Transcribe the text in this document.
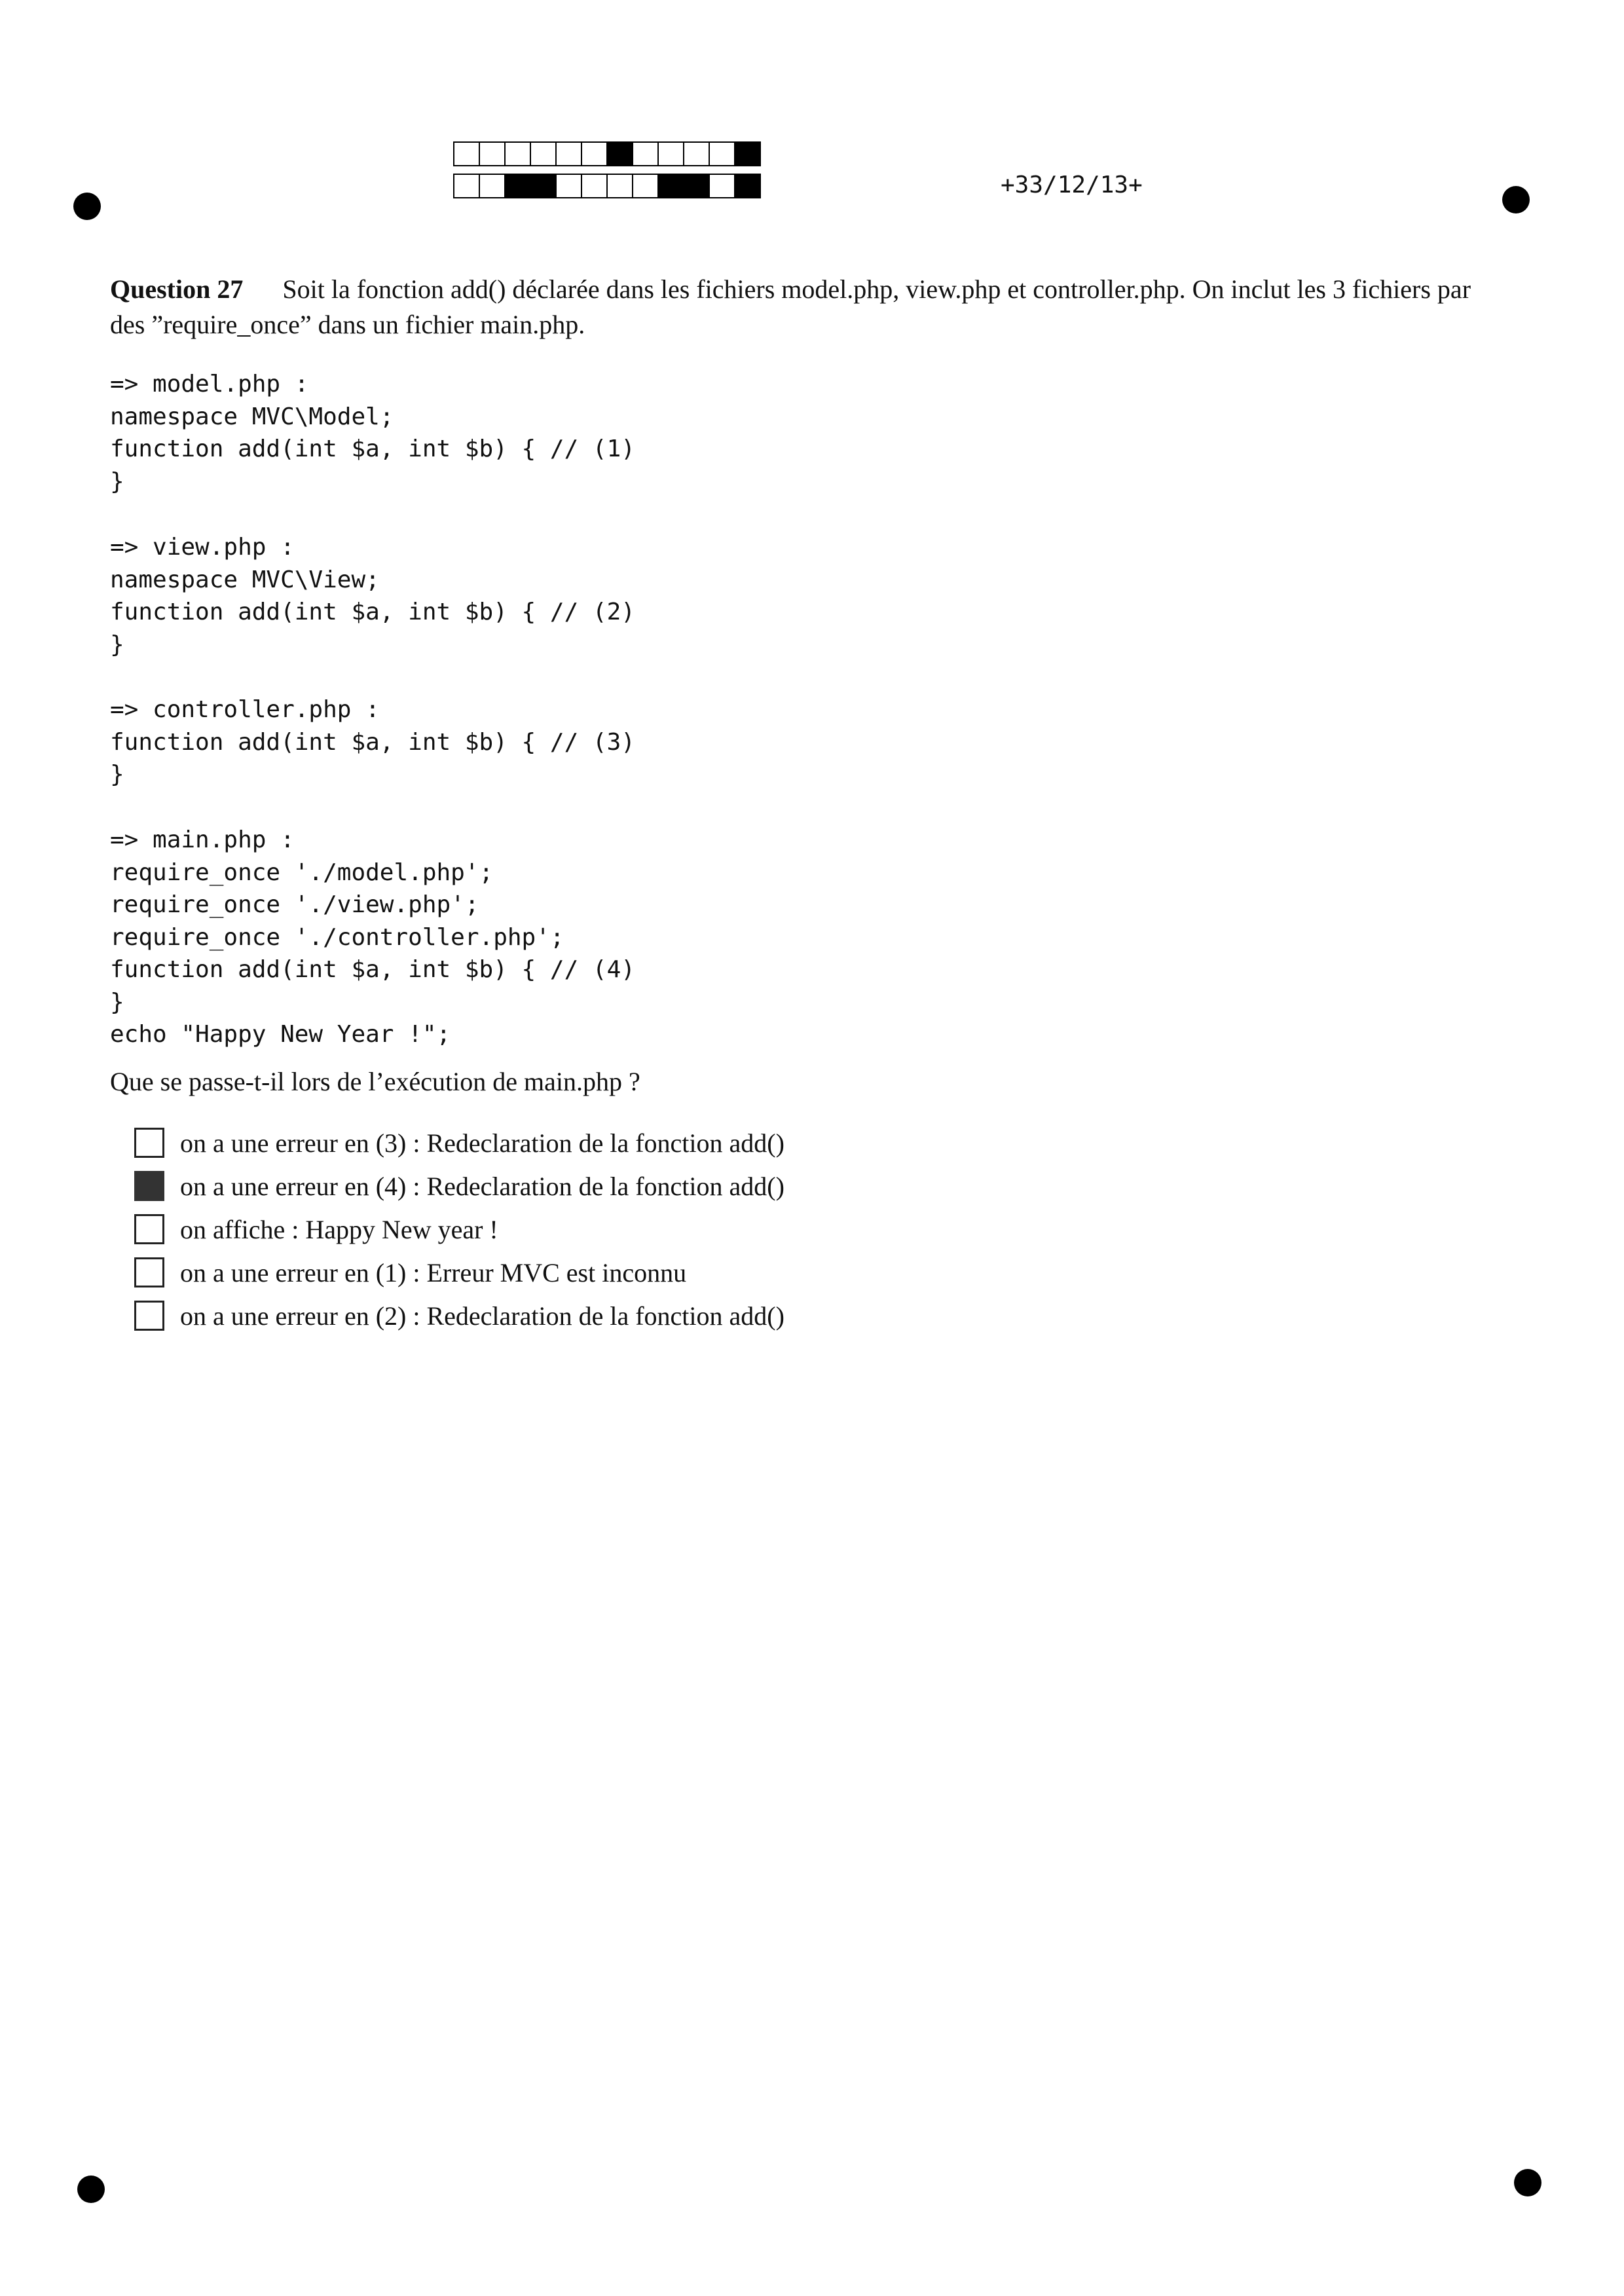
+33/12/13+
Question 27 Soit la fonction add() déclarée dans les fichiers model.php, view.php et controller.php. On inclut les 3 fichiers par des ”require_once” dans un fichier main.php.
=> model.php :
namespace MVC\Model;
function add(int $a, int $b) { // (1)
}
=> view.php :
namespace MVC\View;
function add(int $a, int $b) { // (2)
}
=> controller.php :
function add(int $a, int $b) { // (3)
}
=> main.php :
require_once './model.php';
require_once './view.php';
require_once './controller.php';
function add(int $a, int $b) { // (4)
}
echo "Happy New Year !";
Que se passe-t-il lors de l’exécution de main.php ?
on a une erreur en (3) : Redeclaration de la fonction add()
on a une erreur en (4) : Redeclaration de la fonction add()
on affiche : Happy New year !
on a une erreur en (1) : Erreur MVC est inconnu
on a une erreur en (2) : Redeclaration de la fonction add()
